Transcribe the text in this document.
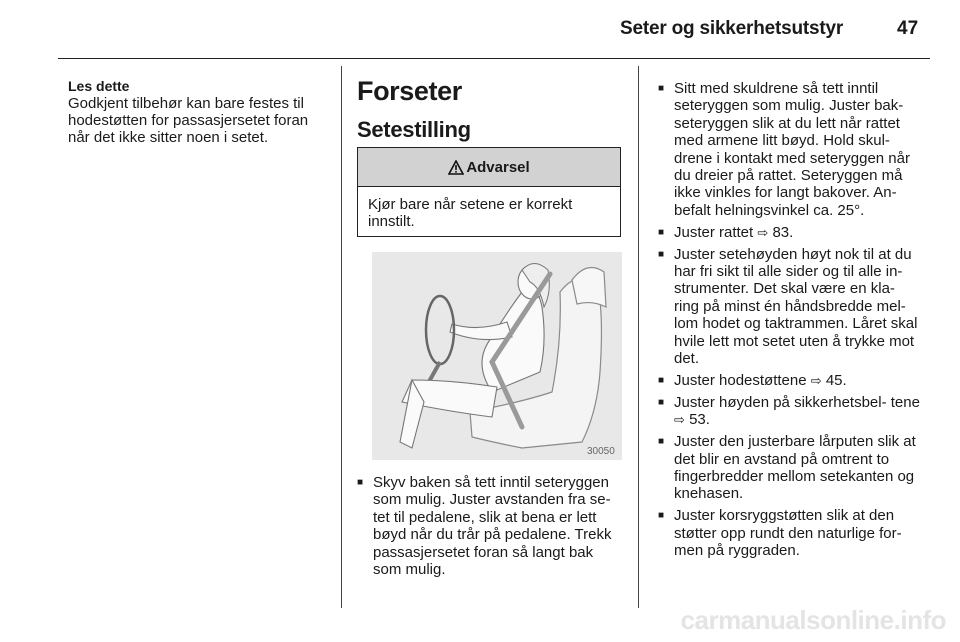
Seter og sikkerhetsutstyr	47
Les dette
Godkjent tilbehør kan bare festes til hodestøtten for passasjersetet foran når det ikke sitter noen i setet.
Forseter
Setestilling
Advarsel
Kjør bare når setene er korrekt innstilt.
30050
■ Skyv baken så tett inntil seteryggen som mulig. Juster avstanden fra se- tet til pedalene, slik at bena er lett bøyd når du trår på pedalene. Trekk passasjersetet foran så langt bak som mulig.
■ Sitt med skuldrene så tett inntil seteryggen som mulig. Juster bak- seteryggen slik at du lett når rattet med armene litt bøyd. Hold skul- drene i kontakt med seteryggen når du dreier på rattet. Seteryggen må ikke vinkles for langt bakover. An- befalt helningsvinkel ca. 25°.
■ Juster rattet ⇨ 83.
■ Juster setehøyden høyt nok til at du har fri sikt til alle sider og til alle in- strumenter. Det skal være en kla- ring på minst én håndsbredde mel- lom hodet og taktrammen. Låret skal hvile lett mot setet uten å trykke mot det.
■ Juster hodestøttene ⇨ 45.
■ Juster høyden på sikkerhetsbel- tene ⇨ 53.
■ Juster den justerbare lårputen slik at det blir en avstand på omtrent to fingerbredder mellom setekanten og knehasen.
■ Juster korsryggstøtten slik at den støtter opp rundt den naturlige for- men på ryggraden.
carmanualsonline.info
